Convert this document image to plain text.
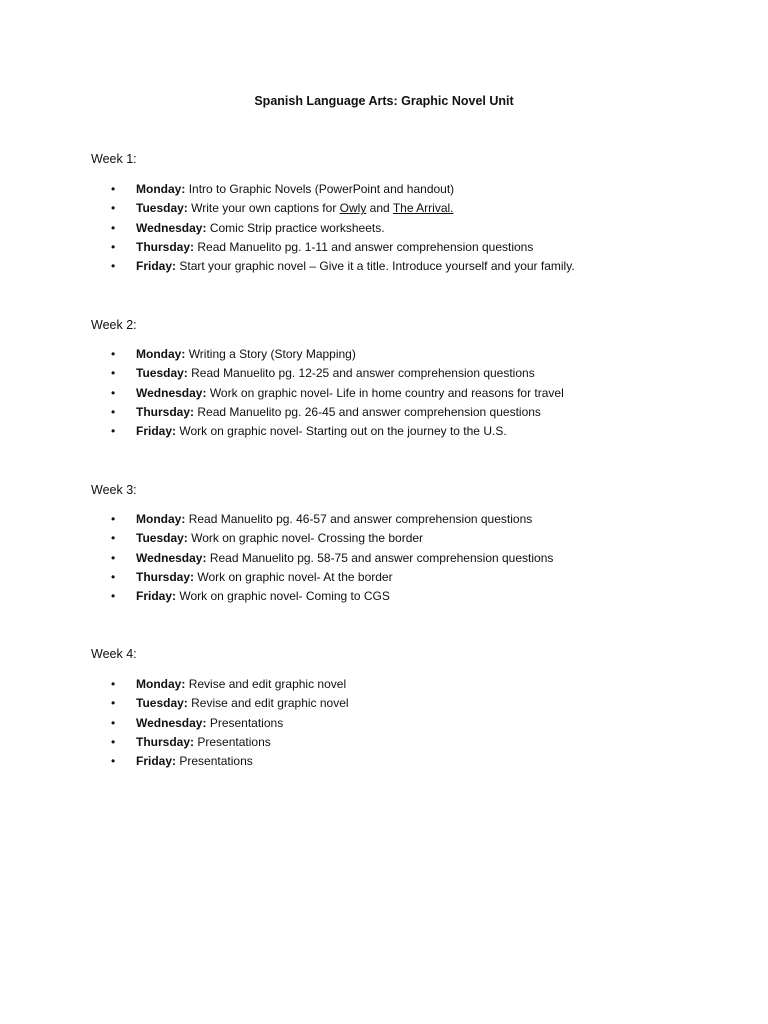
Spanish Language Arts: Graphic Novel Unit
Week 1:
• Monday: Intro to Graphic Novels (PowerPoint and handout)
• Tuesday: Write your own captions for Owly and The Arrival.
• Wednesday: Comic Strip practice worksheets.
• Thursday: Read Manuelito pg. 1-11 and answer comprehension questions
• Friday: Start your graphic novel – Give it a title. Introduce yourself and your family.
Week 2:
• Monday: Writing a Story (Story Mapping)
• Tuesday: Read Manuelito pg. 12-25 and answer comprehension questions
• Wednesday: Work on graphic novel- Life in home country and reasons for travel
• Thursday: Read Manuelito pg. 26-45 and answer comprehension questions
• Friday: Work on graphic novel- Starting out on the journey to the U.S.
Week 3:
• Monday: Read Manuelito pg. 46-57 and answer comprehension questions
• Tuesday: Work on graphic novel- Crossing the border
• Wednesday: Read Manuelito pg. 58-75 and answer comprehension questions
• Thursday: Work on graphic novel- At the border
• Friday: Work on graphic novel- Coming to CGS
Week 4:
• Monday: Revise and edit graphic novel
• Tuesday: Revise and edit graphic novel
• Wednesday: Presentations
• Thursday: Presentations
• Friday: Presentations
